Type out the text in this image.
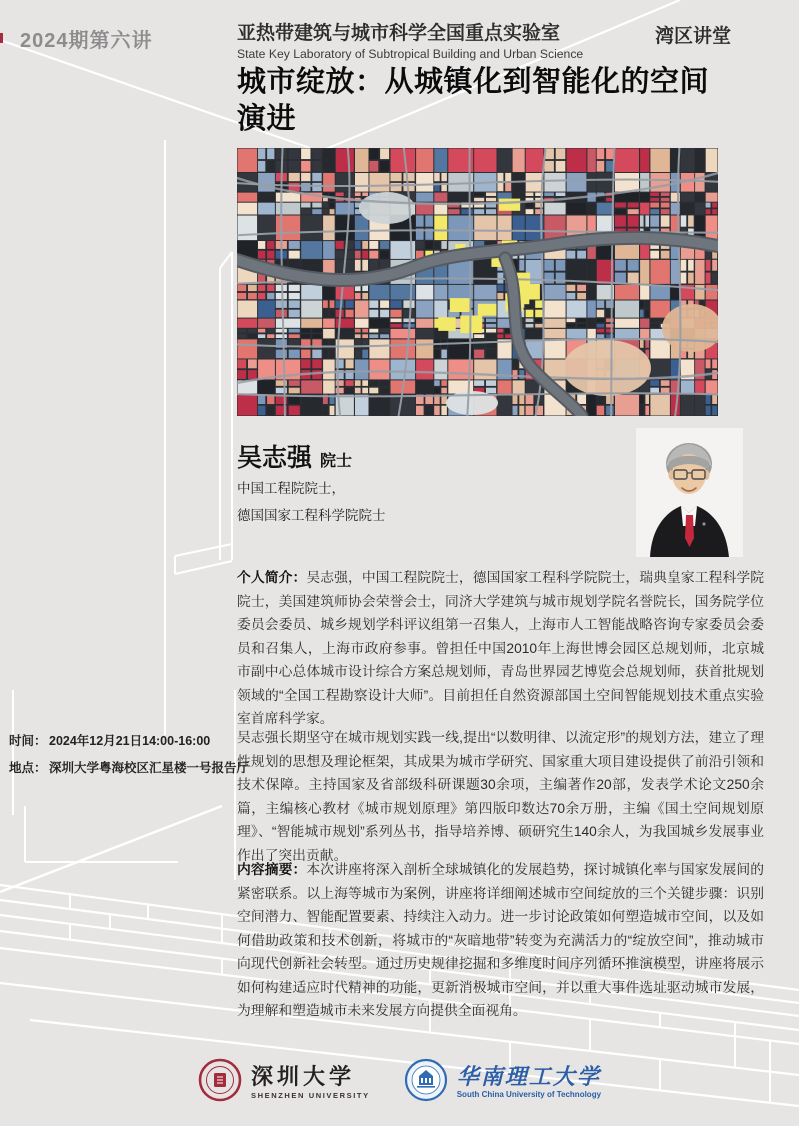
2024期第六讲	亚热带建筑与城市科学全国重点实验室
State Key Laboratory of Subtropical Building and Urban Science
湾区讲堂
城市绽放：从城镇化到智能化的空间演进
吴志强 院士
中国工程院院士，
德国国家工程科学院院士
个人简介：吴志强，中国工程院院士，德国国家工程科学院院士，瑞典皇家工程科学院院士，美国建筑师协会荣誉会士，同济大学建筑与城市规划学院名誉院长，国务院学位委员会委员、城乡规划学科评议组第一召集人，上海市人工智能战略咨询专家委员会委员和召集人，上海市政府参事。曾担任中国2010年上海世博会园区总规划师，北京城市副中心总体城市设计综合方案总规划师，青岛世界园艺博览会总规划师，获首批规划领域的“全国工程勘察设计大师”。目前担任自然资源部国土空间智能规划技术重点实验室首席科学家。
吴志强长期坚守在城市规划实践一线,提出“以数明律、以流定形”的规划方法，建立了理性规划的思想及理论框架，其成果为城市学研究、国家重大项目建设提供了前沿引领和技术保障。主持国家及省部级科研课题30余项，主编著作20部，发表学术论文250余篇，主编核心教材《城市规划原理》第四版印数达70余万册，主编《国土空间规划原理》、“智能城市规划”系列丛书，指导培养博、硕研究生140余人，为我国城乡发展事业作出了突出贡献。
内容摘要：本次讲座将深入剖析全球城镇化的发展趋势，探讨城镇化率与国家发展间的紧密联系。以上海等城市为案例，讲座将详细阐述城市空间绽放的三个关键步骤：识别空间潜力、智能配置要素、持续注入动力。进一步讨论政策如何塑造城市空间，以及如何借助政策和技术创新，将城市的“灰暗地带”转变为充满活力的“绽放空间”，推动城市向现代创新社会转型。通过历史规律挖掘和多维度时间序列循环推演模型，讲座将展示如何构建适应时代精神的功能，更新消极城市空间，并以重大事件选址驱动城市发展，为理解和塑造城市未来发展方向提供全面视角。
时间： 2024年12月21日14:00-16:00
地点： 深圳大学粤海校区汇星楼一号报告厅
深圳大学
SHENZHEN UNIVERSITY
华南理工大学
South China University of Technology
